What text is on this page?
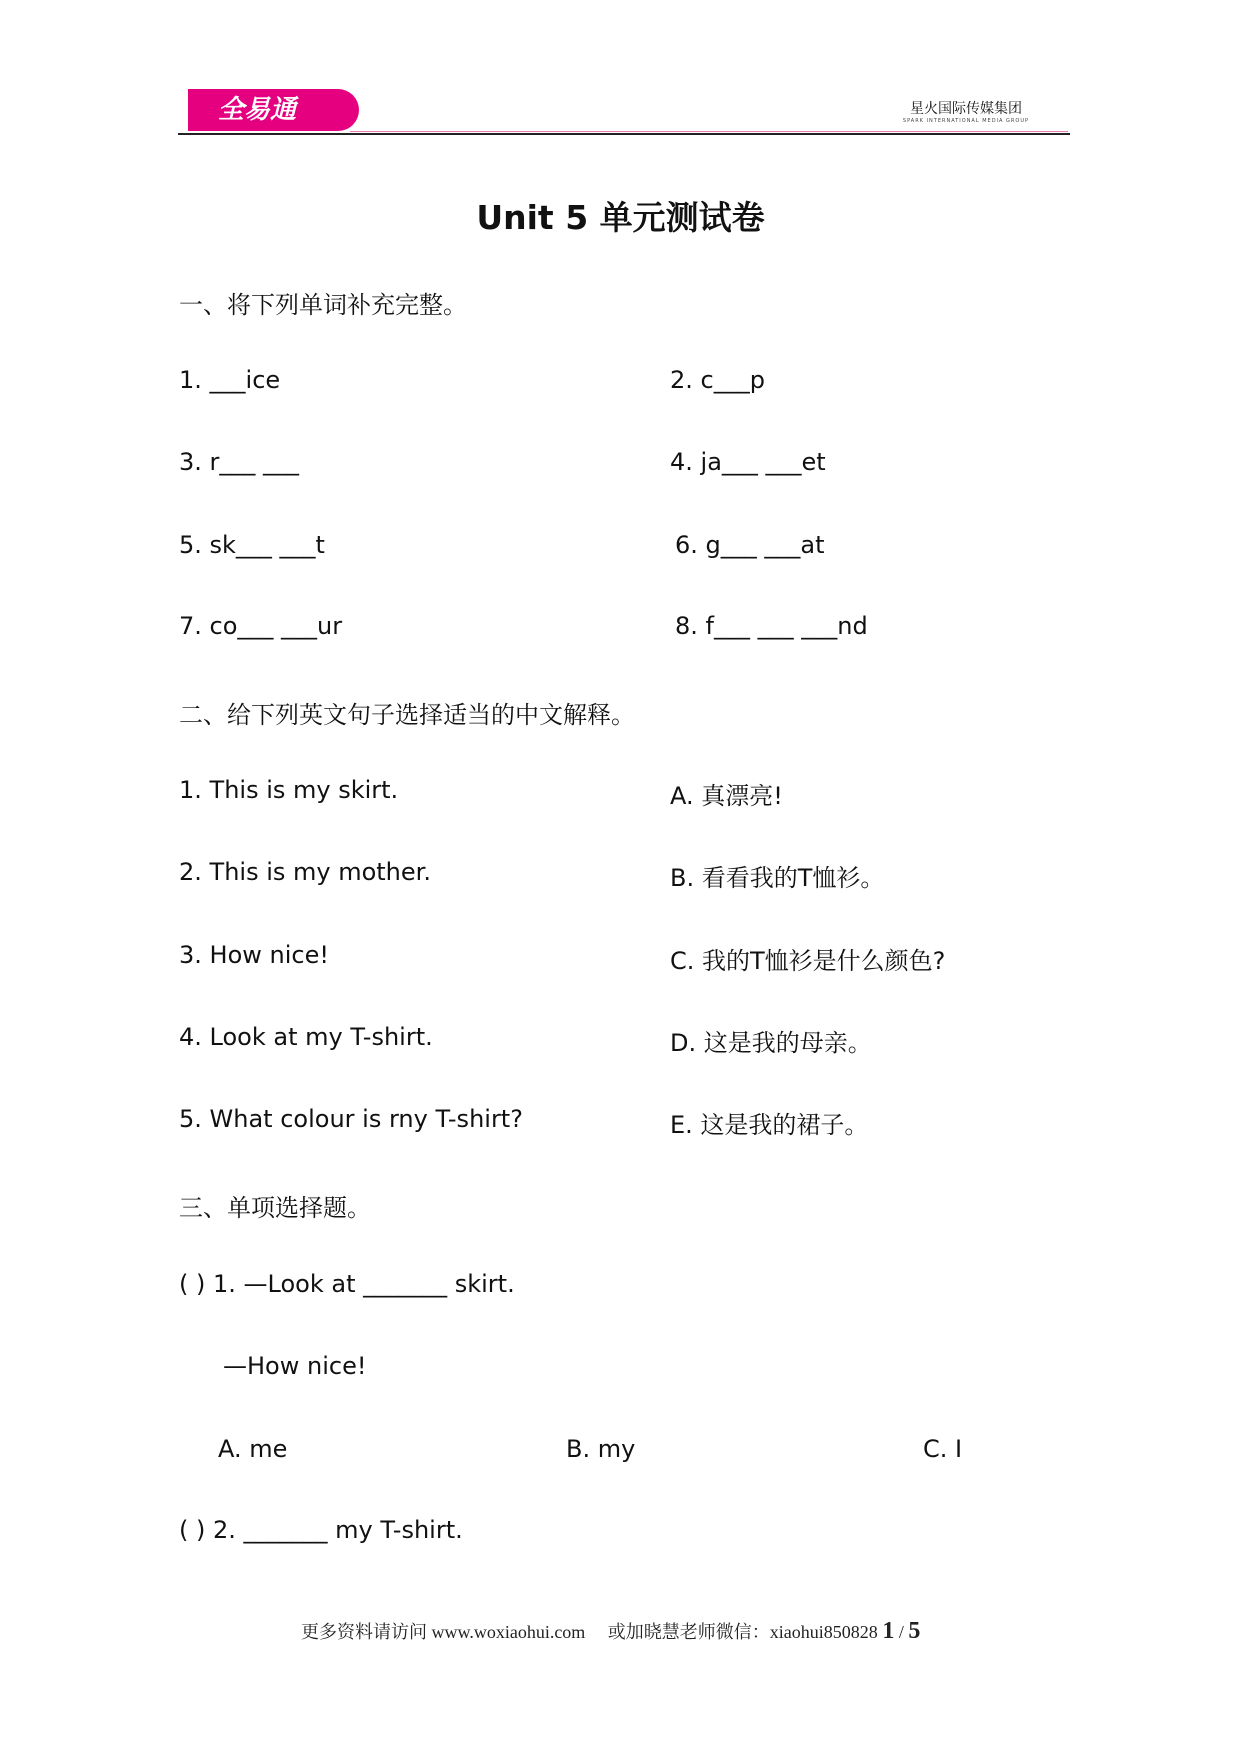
全易通	星火国际传媒集团
SPARK INTERNATIONAL MEDIA GROUP
Unit 5 单元测试卷
一、将下列单词补充完整。
1. ___ice	2. c___p
3. r___ ___	4. ja___ ___et
5. sk___ ___t	6. g___ ___at
7. co___ ___ur	8. f___ ___ ___nd
二、给下列英文句子选择适当的中文解释。
1. This is my skirt.	A. 真漂亮!
2. This is my mother.	B. 看看我的T恤衫。
3. How nice!	C. 我的T恤衫是什么颜色?
4. Look at my T-shirt.	D. 这是我的母亲。
5. What colour is rny T-shirt?	E. 这是我的裙子。
三、单项选择题。
( ) 1. —Look at _______ skirt.
—How nice!
A. me	B. my	C. I
( ) 2. _______ my T-shirt.
更多资料请访问 www.woxiaohui.com　 或加晓慧老师微信：xiaohui850828 1 / 5
